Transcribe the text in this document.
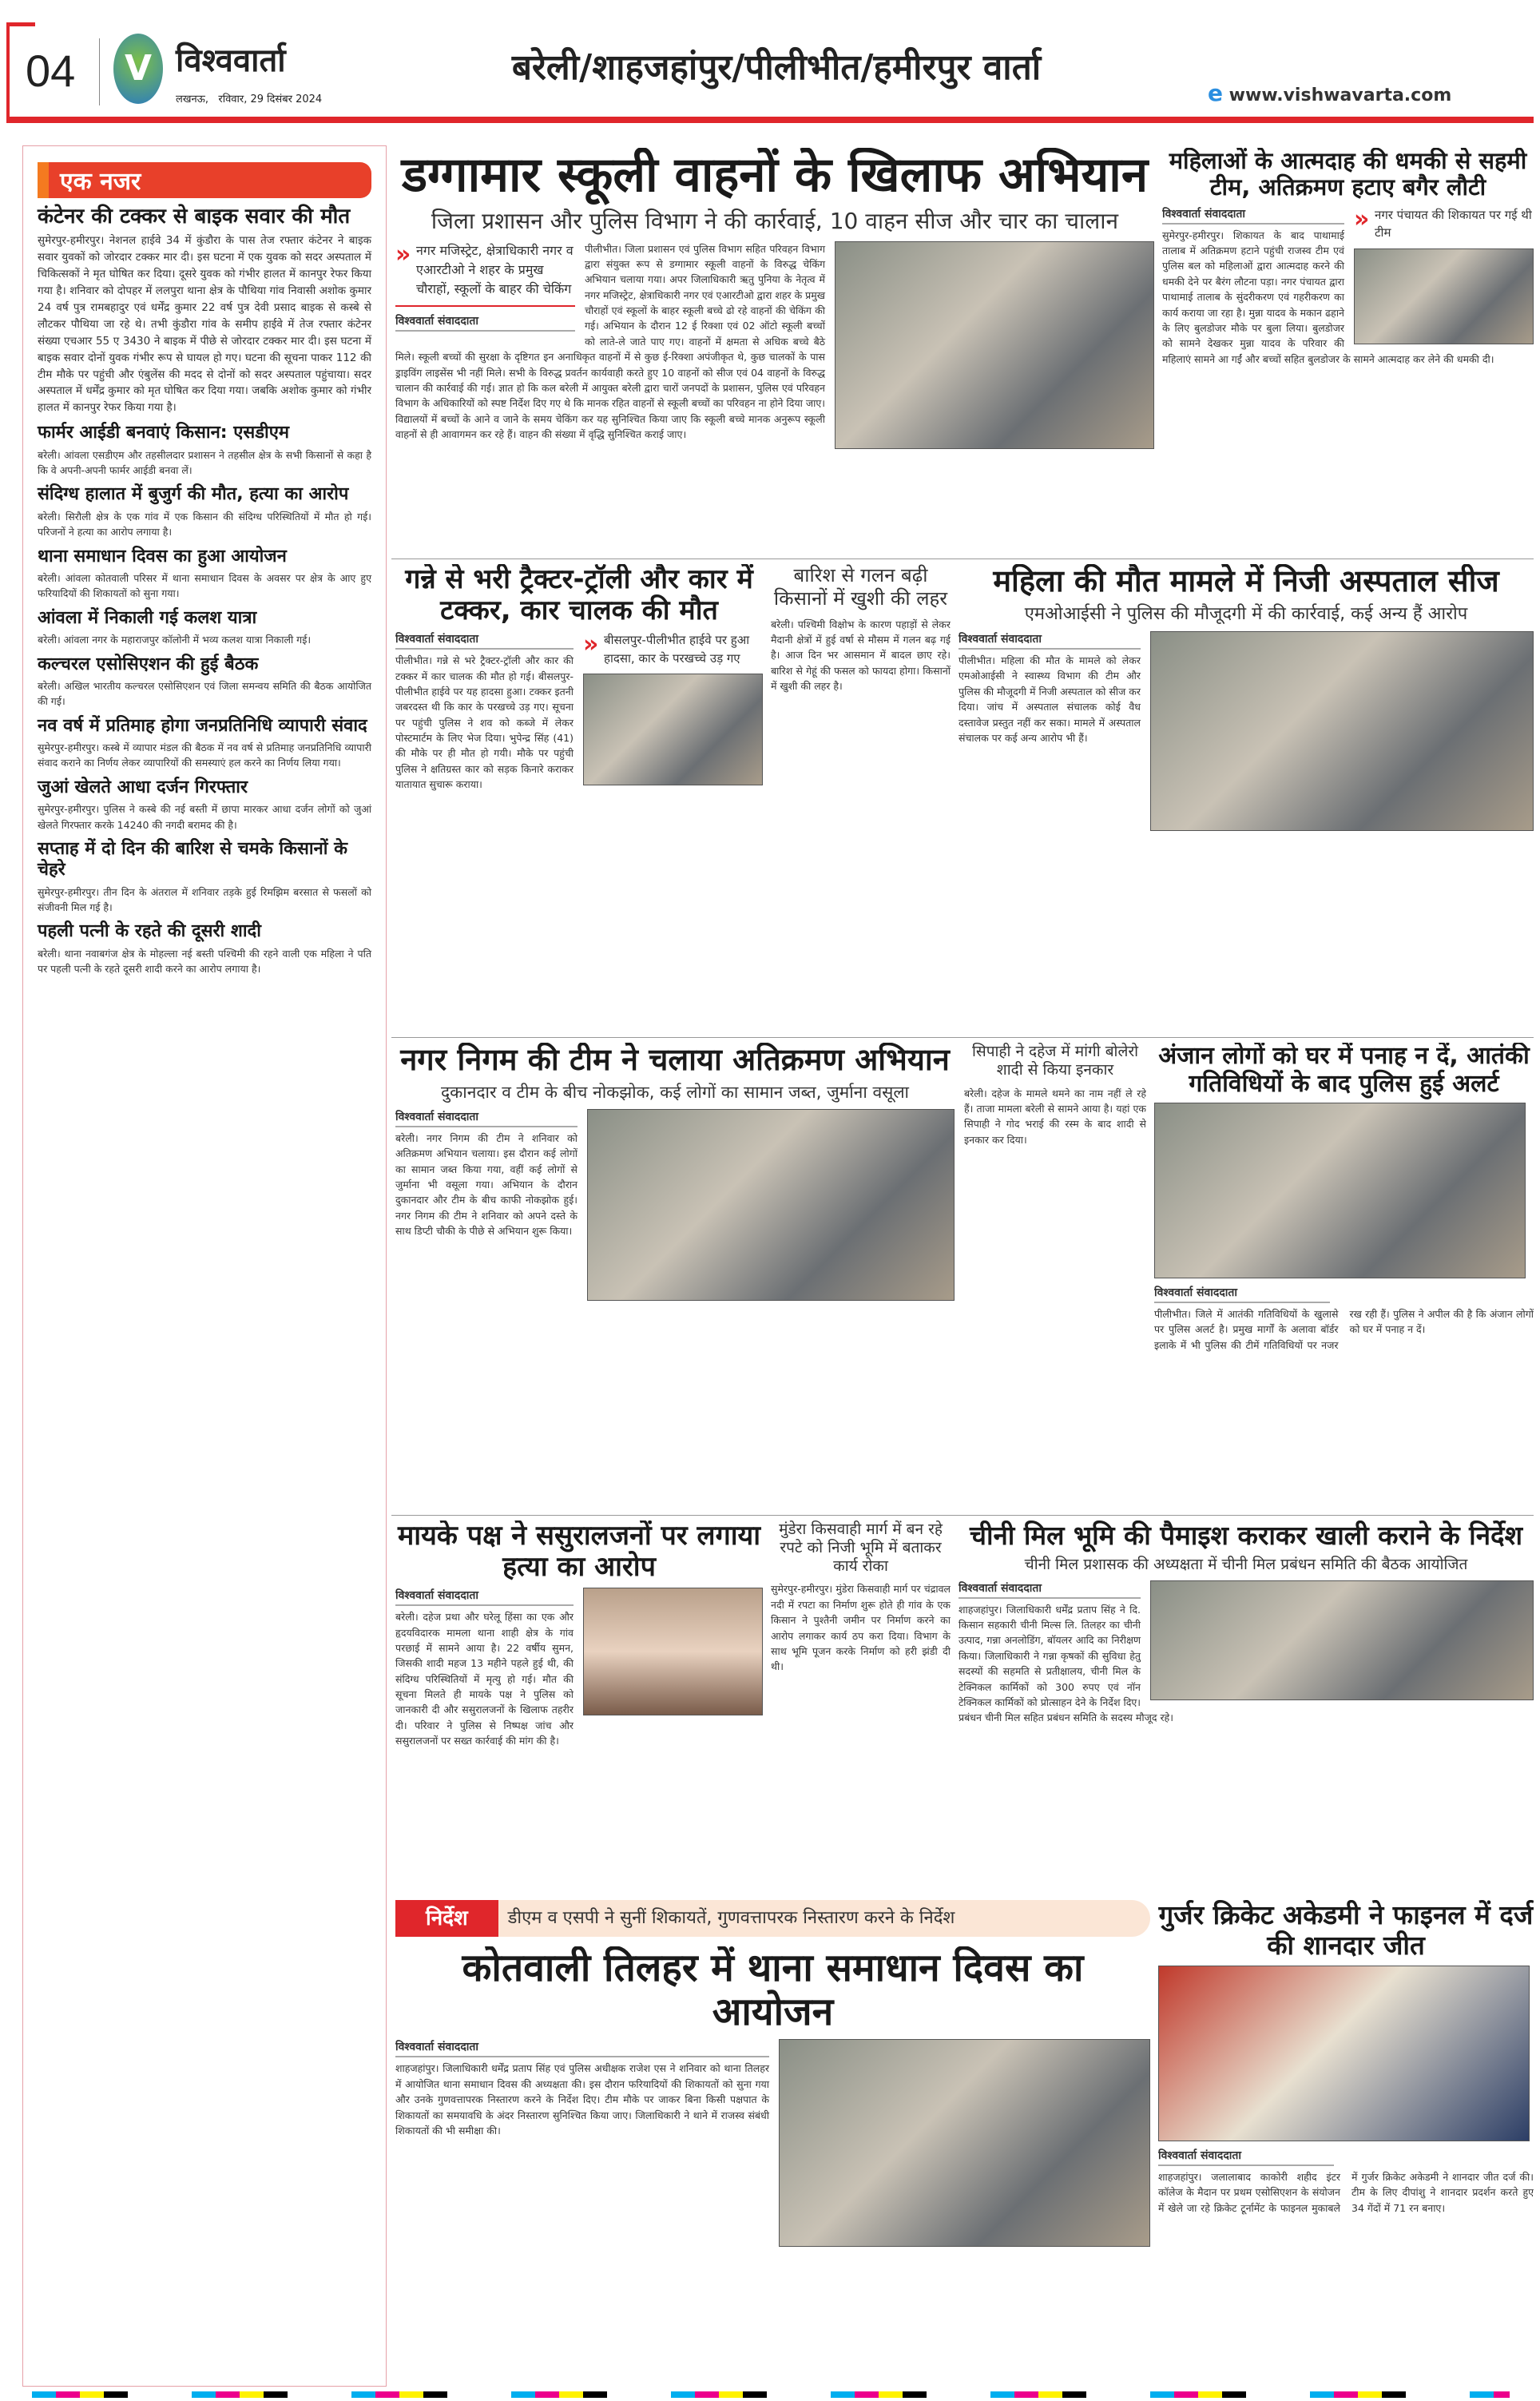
04	V विश्ववार्ता
लखनऊ,   रविवार, 29 दिसंबर 2024
बरेली/शाहजहांपुर/पीलीभीत/हमीरपुर वार्ता
e www.vishwavarta.com
एक नजर
कंटेनर की टक्कर से बाइक सवार की मौत
सुमेरपुर-हमीरपुर। नेशनल हाईवे 34 में कुंडौरा के पास तेज रफ्तार कंटेनर ने बाइक सवार युवकों को जोरदार टक्कर मार दी। इस घटना में एक युवक को सदर अस्पताल में चिकित्सकों ने मृत घोषित कर दिया। दूसरे युवक को गंभीर हालत में कानपुर रेफर किया गया है। शनिवार को दोपहर में ललपुरा थाना क्षेत्र के पौथिया गांव निवासी अशोक कुमार 24 वर्ष पुत्र रामबहादुर एवं धर्मेंद्र कुमार 22 वर्ष पुत्र देवी प्रसाद बाइक से कस्बे से लौटकर पौथिया जा रहे थे। तभी कुंडौरा गांव के समीप हाईवे में तेज रफ्तार कंटेनर संख्या एचआर 55 ए 3430 ने बाइक में पीछे से जोरदार टक्कर मार दी। इस घटना में बाइक सवार दोनों युवक गंभीर रूप से घायल हो गए। घटना की सूचना पाकर 112 की टीम मौके पर पहुंची और एंबुलेंस की मदद से दोनों को सदर अस्पताल पहुंचाया। सदर अस्पताल में धर्मेंद्र कुमार को मृत घोषित कर दिया गया। जबकि अशोक कुमार को गंभीर हालत में कानपुर रेफर किया गया है।
फार्मर आईडी बनवाएं किसान: एसडीएम
बरेली। आंवला एसडीएम और तहसीलदार प्रशासन ने तहसील क्षेत्र के सभी किसानों से कहा है कि वे अपनी-अपनी फार्मर आईडी बनवा लें।
संदिग्ध हालात में बुजुर्ग की मौत, हत्या का आरोप
बरेली। सिरौली क्षेत्र के एक गांव में एक किसान की संदिग्ध परिस्थितियों में मौत हो गई। परिजनों ने हत्या का आरोप लगाया है।
थाना समाधान दिवस का हुआ आयोजन
बरेली। आंवला कोतवाली परिसर में थाना समाधान दिवस के अवसर पर क्षेत्र के आए हुए फरियादियों की शिकायतों को सुना गया।
आंवला में निकाली गई कलश यात्रा
बरेली। आंवला नगर के महाराजपुर कॉलोनी में भव्य कलश यात्रा निकाली गई।
कल्चरल एसोसिएशन की हुई बैठक
बरेली। अखिल भारतीय कल्चरल एसोसिएशन एवं जिला समन्वय समिति की बैठक आयोजित की गई।
नव वर्ष में प्रतिमाह होगा जनप्रतिनिधि व्यापारी संवाद
सुमेरपुर-हमीरपुर। कस्बे में व्यापार मंडल की बैठक में नव वर्ष से प्रतिमाह जनप्रतिनिधि व्यापारी संवाद कराने का निर्णय लेकर व्यापारियों की समस्याएं हल करने का निर्णय लिया गया।
जुआं खेलते आधा दर्जन गिरफ्तार
सुमेरपुर-हमीरपुर। पुलिस ने कस्बे की नई बस्ती में छापा मारकर आधा दर्जन लोगों को जुआं खेलते गिरफ्तार करके 14240 की नगदी बरामद की है।
सप्ताह में दो दिन की बारिश से चमके किसानों के चेहरे
सुमेरपुर-हमीरपुर। तीन दिन के अंतराल में शनिवार तड़के हुई रिमझिम बरसात से फसलों को संजीवनी मिल गई है।
पहली पत्नी के रहते की दूसरी शादी
बरेली। थाना नवाबगंज क्षेत्र के मोहल्ला नई बस्ती पश्चिमी की रहने वाली एक महिला ने पति पर पहली पत्नी के रहते दूसरी शादी करने का आरोप लगाया है।
डग्गामार स्कूली वाहनों के खिलाफ अभियान
जिला प्रशासन और पुलिस विभाग ने की कार्रवाई, 10 वाहन सीज और चार का चालान
» नगर मजिस्ट्रेट, क्षेत्राधिकारी नगर व एआरटीओ ने शहर के प्रमुख चौराहों, स्कूलों के बाहर की चेकिंग
विश्ववार्ता संवाददाता
पीलीभीत। जिला प्रशासन एवं पुलिस विभाग सहित परिवहन विभाग द्वारा संयुक्त रूप से डग्गामार स्कूली वाहनों के विरुद्ध चेकिंग अभियान चलाया गया। अपर जिलाधिकारी ऋतु पुनिया के नेतृत्व में नगर मजिस्ट्रेट, क्षेत्राधिकारी नगर एवं एआरटीओ द्वारा शहर के प्रमुख चौराहों एवं स्कूलों के बाहर स्कूली बच्चे ढो रहे वाहनों की चेकिंग की गई। अभियान के दौरान 12 ई रिक्शा एवं 02 ऑटो स्कूली बच्चों को लाते-ले जाते पाए गए। वाहनों में क्षमता से अधिक बच्चे बैठे मिले। स्कूली बच्चों की सुरक्षा के दृष्टिगत इन अनाधिकृत वाहनों में से कुछ ई-रिक्शा अपंजीकृत थे, कुछ चालकों के पास ड्राइविंग लाइसेंस भी नहीं मिले। सभी के विरुद्ध प्रवर्तन कार्यवाही करते हुए 10 वाहनों को सीज एवं 04 वाहनों के विरुद्ध चालान की कार्रवाई की गई। ज्ञात हो कि कल बरेली में आयुक्त बरेली द्वारा चारों जनपदों के प्रशासन, पुलिस एवं परिवहन विभाग के अधिकारियों को स्पष्ट निर्देश दिए गए थे कि मानक रहित वाहनों से स्कूली बच्चों का परिवहन ना होने दिया जाए। विद्यालयों में बच्चों के आने व जाने के समय चेकिंग कर यह सुनिश्चित किया जाए कि स्कूली बच्चे मानक अनुरूप स्कूली वाहनों से ही आवागमन कर रहे हैं। वाहन की संख्या में वृद्धि सुनिश्चित कराई जाए।
महिलाओं के आत्मदाह की धमकी से सहमी टीम, अतिक्रमण हटाए बगैर लौटी
» नगर पंचायत की शिकायत पर गई थी टीम
विश्ववार्ता संवाददाता
सुमेरपुर-हमीरपुर। शिकायत के बाद पाथामाई तालाब में अतिक्रमण हटाने पहुंची राजस्व टीम एवं पुलिस बल को महिलाओं द्वारा आत्मदाह करने की धमकी देने पर बैरंग लौटना पड़ा। नगर पंचायत द्वारा पाथामाई तालाब के सुंदरीकरण एवं गहरीकरण का कार्य कराया जा रहा है। मुन्ना यादव के मकान ढहाने के लिए बुलडोजर मौके पर बुला लिया। बुलडोजर को सामने देखकर मुन्ना यादव के परिवार की महिलाएं सामने आ गईं और बच्चों सहित बुलडोजर के सामने आत्मदाह कर लेने की धमकी दी।
गन्ने से भरी ट्रैक्टर-ट्रॉली और कार में टक्कर, कार चालक की मौत
» बीसलपुर-पीलीभीत हाईवे पर हुआ हादसा, कार के परखच्चे उड़ गए
विश्ववार्ता संवाददाता
पीलीभीत। गन्ने से भरे ट्रैक्टर-ट्रॉली और कार की टक्कर में कार चालक की मौत हो गई। बीसलपुर-पीलीभीत हाईवे पर यह हादसा हुआ। टक्कर इतनी जबरदस्त थी कि कार के परखच्चे उड़ गए। सूचना पर पहुंची पुलिस ने शव को कब्जे में लेकर पोस्टमार्टम के लिए भेज दिया। भुपेन्द्र सिंह (41) की मौके पर ही मौत हो गयी। मौके पर पहुंची पुलिस ने क्षतिग्रस्त कार को सड़क किनारे कराकर यातायात सुचारू कराया।
बारिश से गलन बढ़ी किसानों में खुशी की लहर
बरेली। पश्चिमी विक्षोभ के कारण पहाड़ों से लेकर मैदानी क्षेत्रों में हुई वर्षा से मौसम में गलन बढ़ गई है। आज दिन भर आसमान में बादल छाए रहे। बारिश से गेहूं की फसल को फायदा होगा। किसानों में खुशी की लहर है।
महिला की मौत मामले में निजी अस्पताल सीज
एमओआईसी ने पुलिस की मौजूदगी में की कार्रवाई, कई अन्य हैं आरोप
विश्ववार्ता संवाददाता
पीलीभीत। महिला की मौत के मामले को लेकर एमओआईसी ने स्वास्थ्य विभाग की टीम और पुलिस की मौजूदगी में निजी अस्पताल को सीज कर दिया। जांच में अस्पताल संचालक कोई वैध दस्तावेज प्रस्तुत नहीं कर सका। मामले में अस्पताल संचालक पर कई अन्य आरोप भी हैं।
नगर निगम की टीम ने चलाया अतिक्रमण अभियान
दुकानदार व टीम के बीच नोकझोक, कई लोगों का सामान जब्त, जुर्माना वसूला
विश्ववार्ता संवाददाता
बरेली। नगर निगम की टीम ने शनिवार को अतिक्रमण अभियान चलाया। इस दौरान कई लोगों का सामान जब्त किया गया, वहीं कई लोगों से जुर्माना भी वसूला गया। अभियान के दौरान दुकानदार और टीम के बीच काफी नोकझोक हुई। नगर निगम की टीम ने शनिवार को अपने दस्ते के साथ डिप्टी चौकी के पीछे से अभियान शुरू किया।
सिपाही ने दहेज में मांगी बोलेरो शादी से किया इनकार
बरेली। दहेज के मामले थमने का नाम नहीं ले रहे हैं। ताजा मामला बरेली से सामने आया है। यहां एक सिपाही ने गोद भराई की रस्म के बाद शादी से इनकार कर दिया।
अंजान लोगों को घर में पनाह न दें, आतंकी गतिविधियों के बाद पुलिस हुई अलर्ट
विश्ववार्ता संवाददाता
पीलीभीत। जिले में आतंकी गतिविधियों के खुलासे पर पुलिस अलर्ट है। प्रमुख मार्गों के अलावा बॉर्डर इलाके में भी पुलिस की टीमें गतिविधियों पर नजर रख रही हैं। पुलिस ने अपील की है कि अंजान लोगों को घर में पनाह न दें।
मायके पक्ष ने ससुरालजनों पर लगाया हत्या का आरोप
विश्ववार्ता संवाददाता
बरेली। दहेज प्रथा और घरेलू हिंसा का एक और हृदयविदारक मामला थाना शाही क्षेत्र के गांव परछाई में सामने आया है। 22 वर्षीय सुमन, जिसकी शादी महज 13 महीने पहले हुई थी, की संदिग्ध परिस्थितियों में मृत्यु हो गई। मौत की सूचना मिलते ही मायके पक्ष ने पुलिस को जानकारी दी और ससुरालजनों के खिलाफ तहरीर दी। परिवार ने पुलिस से निष्पक्ष जांच और ससुरालजनों पर सख्त कार्रवाई की मांग की है।
मुंडेरा किसवाही मार्ग में बन रहे रपटे को निजी भूमि में बताकर कार्य रोका
सुमेरपुर-हमीरपुर। मुंडेरा किसवाही मार्ग पर चंद्रावल नदी में रपटा का निर्माण शुरू होते ही गांव के एक किसान ने पुश्तैनी जमीन पर निर्माण करने का आरोप लगाकर कार्य ठप करा दिया। विभाग के साथ भूमि पूजन करके निर्माण को हरी झंडी दी थी।
चीनी मिल भूमि की पैमाइश कराकर खाली कराने के निर्देश
चीनी मिल प्रशासक की अध्यक्षता में चीनी मिल प्रबंधन समिति की बैठक आयोजित
विश्ववार्ता संवाददाता
शाहजहांपुर। जिलाधिकारी धर्मेंद्र प्रताप सिंह ने दि. किसान सहकारी चीनी मिल्स लि. तिलहर का चीनी उत्पाद, गन्ना अनलोडिंग, बॉयलर आदि का निरीक्षण किया। जिलाधिकारी ने गन्ना कृषकों की सुविधा हेतु सदस्यों की सहमति से प्रतीक्षालय, चीनी मिल के टेक्निकल कार्मिकों को 300 रुपए एवं नॉन टेक्निकल कार्मिकों को प्रोत्साहन देने के निर्देश दिए। प्रबंधन चीनी मिल सहित प्रबंधन समिति के सदस्य मौजूद रहे।
निर्देश	डीएम व एसपी ने सुनीं शिकायतें, गुणवत्तापरक निस्तारण करने के निर्देश
कोतवाली तिलहर में थाना समाधान दिवस का आयोजन
विश्ववार्ता संवाददाता
शाहजहांपुर। जिलाधिकारी धर्मेंद्र प्रताप सिंह एवं पुलिस अधीक्षक राजेश एस ने शनिवार को थाना तिलहर में आयोजित थाना समाधान दिवस की अध्यक्षता की। इस दौरान फरियादियों की शिकायतों को सुना गया और उनके गुणवत्तापरक निस्तारण करने के निर्देश दिए। टीम मौके पर जाकर बिना किसी पक्षपात के शिकायतों का समयावधि के अंदर निस्तारण सुनिश्चित किया जाए। जिलाधिकारी ने थाने में राजस्व संबंधी शिकायतों की भी समीक्षा की।
गुर्जर क्रिकेट अकेडमी ने फाइनल में दर्ज की शानदार जीत
विश्ववार्ता संवाददाता
शाहजहांपुर। जलालाबाद काकोरी शहीद इंटर कॉलेज के मैदान पर प्रथम एसोसिएशन के संयोजन में खेले जा रहे क्रिकेट टूर्नामेंट के फाइनल मुकाबले में गुर्जर क्रिकेट अकेडमी ने शानदार जीत दर्ज की। टीम के लिए दीपांशु ने शानदार प्रदर्शन करते हुए 34 गेंदों में 71 रन बनाए।
